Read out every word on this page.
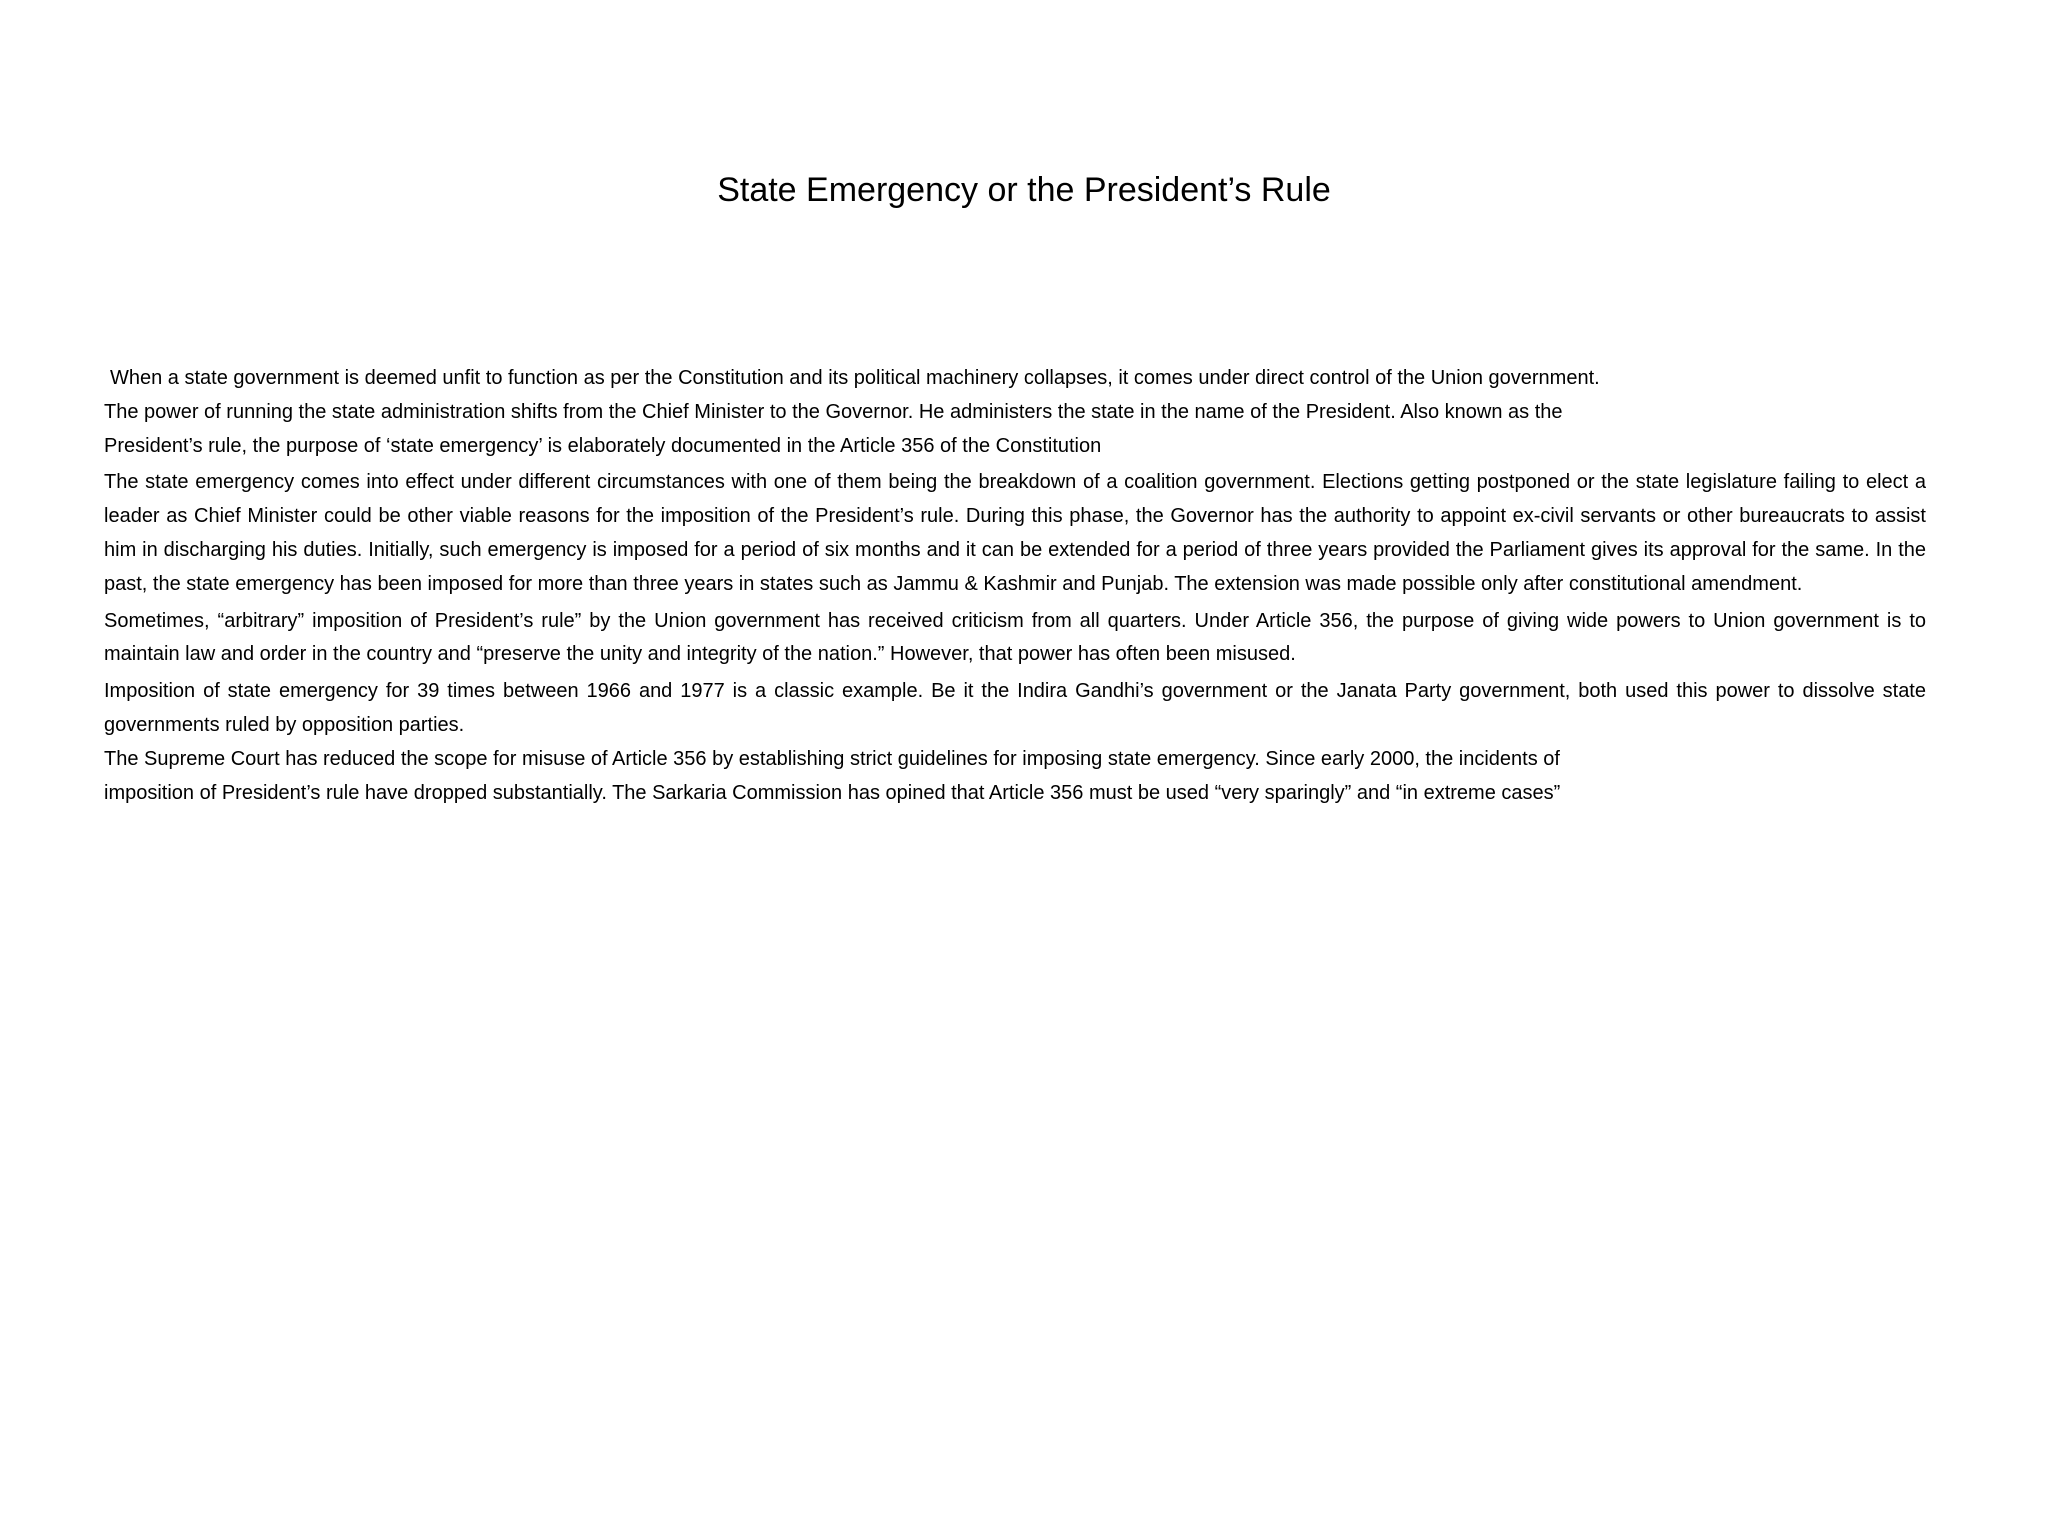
State Emergency or the President’s Rule

When a state government is deemed unfit to function as per the Constitution and its political machinery collapses, it comes under direct control of the Union government.

The power of running the state administration shifts from the Chief Minister to the Governor. He administers the state in the name of the President. Also known as the

President’s rule, the purpose of ‘state emergency’ is elaborately documented in the Article 356 of the Constitution

The state emergency comes into effect under different circumstances with one of them being the breakdown of a coalition government. Elections getting postponed or the state legislature failing to elect a leader as Chief Minister could be other viable reasons for the imposition of the President’s rule. During this phase, the Governor has the authority to appoint ex-civil servants or other bureaucrats to assist him in discharging his duties. Initially, such emergency is imposed for a period of six months and it can be extended for a period of three years provided the Parliament gives its approval for the same. In the past, the state emergency has been imposed for more than three years in states such as Jammu & Kashmir and Punjab. The extension was made possible only after constitutional amendment.

Sometimes, “arbitrary” imposition of President’s rule” by the Union government has received criticism from all quarters. Under Article 356, the purpose of giving wide powers to Union government is to maintain law and order in the country and “preserve the unity and integrity of the nation.” However, that power has often been misused.

Imposition of state emergency for 39 times between 1966 and 1977 is a classic example. Be it the Indira Gandhi’s government or the Janata Party government, both used this power to dissolve state governments ruled by opposition parties.

The Supreme Court has reduced the scope for misuse of Article 356 by establishing strict guidelines for imposing state emergency. Since early 2000, the incidents of

imposition of President’s rule have dropped substantially. The Sarkaria Commission has opined that Article 356 must be used “very sparingly” and “in extreme cases”
